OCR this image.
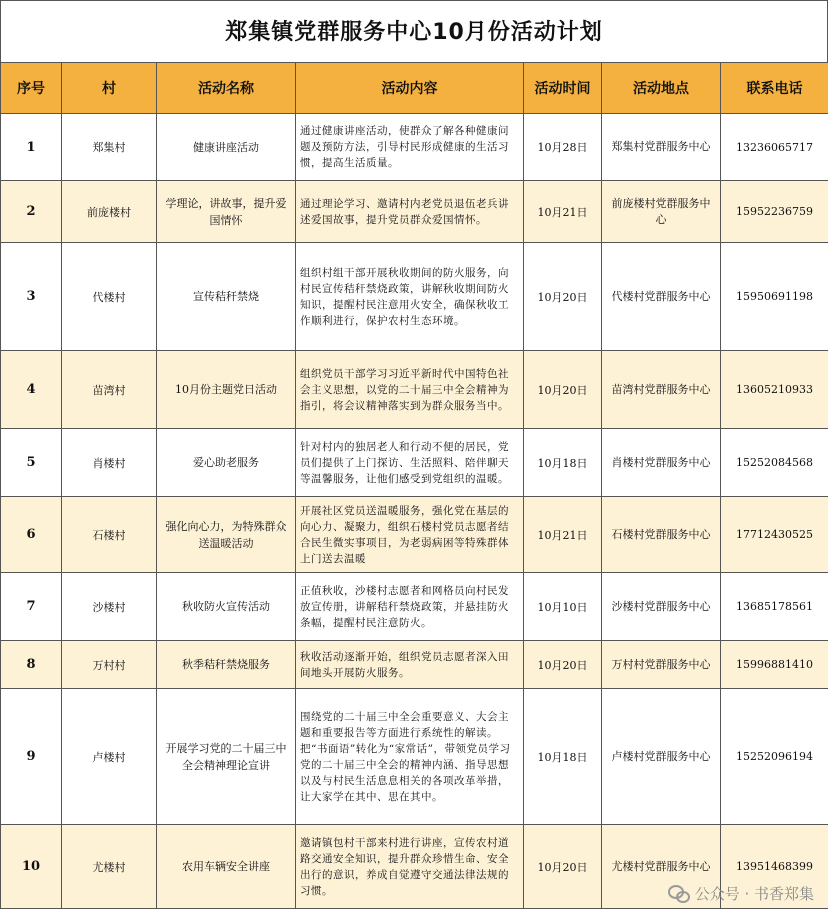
郑集镇党群服务中心10月份活动计划
序号	村	活动名称	活动内容	活动时间	活动地点	联系电话
1	郑集村	健康讲座活动	通过健康讲座活动，使群众了解各种健康问题及预防方法，引导村民形成健康的生活习惯，提高生活质量。	10月28日	郑集村党群服务中心	13236065717
2	前庞楼村	学理论，讲故事，提升爱国情怀	通过理论学习、邀请村内老党员退伍老兵讲述爱国故事，提升党员群众爱国情怀。	10月21日	前庞楼村党群服务中心	15952236759
3	代楼村	宣传秸秆禁烧	组织村组干部开展秋收期间的防火服务，向村民宣传秸秆禁烧政策，讲解秋收期间防火知识，提醒村民注意用火安全，确保秋收工作顺利进行，保护农村生态环境。	10月20日	代楼村党群服务中心	15950691198
4	苗湾村	10月份主题党日活动	组织党员干部学习习近平新时代中国特色社会主义思想，以党的二十届三中全会精神为指引，将会议精神落实到为群众服务当中。	10月20日	苗湾村党群服务中心	13605210933
5	肖楼村	爱心助老服务	针对村内的独居老人和行动不便的居民，党员们提供了上门探访、生活照料、陪伴聊天等温馨服务，让他们感受到党组织的温暖。	10月18日	肖楼村党群服务中心	15252084568
6	石楼村	强化向心力，为特殊群众送温暖活动	开展社区党员送温暖服务，强化党在基层的向心力、凝聚力，组织石楼村党员志愿者结合民生微实事项目，为老弱病困等特殊群体上门送去温暖	10月21日	石楼村党群服务中心	17712430525
7	沙楼村	秋收防火宣传活动	正值秋收，沙楼村志愿者和网格员向村民发放宣传册，讲解秸秆禁烧政策，并悬挂防火条幅，提醒村民注意防火。	10月10日	沙楼村党群服务中心	13685178561
8	万村村	秋季秸秆禁烧服务	秋收活动逐渐开始，组织党员志愿者深入田间地头开展防火服务。	10月20日	万村村党群服务中心	15996881410
9	卢楼村	开展学习党的二十届三中全会精神理论宣讲	围绕党的二十届三中全会重要意义、大会主题和重要报告等方面进行系统性的解读。把“书面语”转化为“家常话”，带领党员学习党的二十届三中全会的精神内涵、指导思想以及与村民生活息息相关的各项改革举措，让大家学在其中、思在其中。	10月18日	卢楼村党群服务中心	15252096194
10	尤楼村	农用车辆安全讲座	邀请镇包村干部来村进行讲座，宣传农村道路交通安全知识，提升群众珍惜生命、安全出行的意识，养成自觉遵守交通法律法规的习惯。	10月20日	尤楼村党群服务中心	13951468399
公众号 · 书香郑集
